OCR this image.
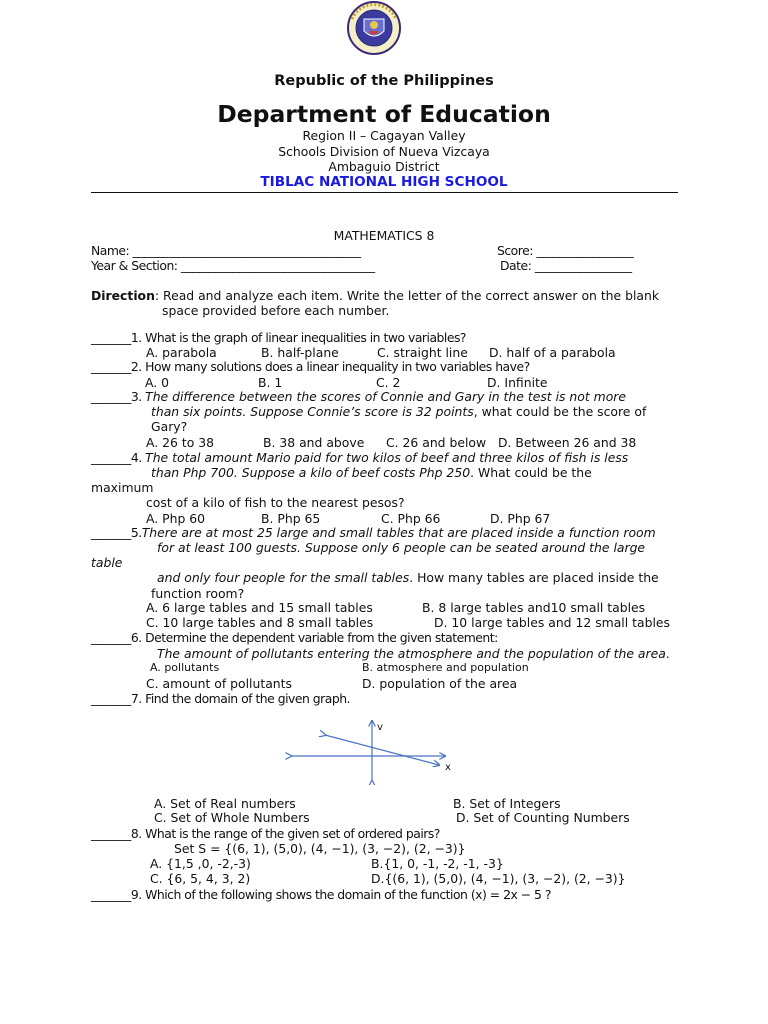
Republic of the Philippines
Department of Education
Region II – Cagayan Valley
Schools Division of Nueva Vizcaya
Ambaguio District
TIBLAC NATIONAL HIGH SCHOOL
MATHEMATICS 8
Name: ________________________________________	Score: _________________
Year & Section: __________________________________	Date: _________________
Direction: Read and analyze each item. Write the letter of the correct answer on the blank
space provided before each number.
_______1. What is the graph of linear inequalities in two variables?
A. parabola	B. half-plane	C. straight line D. half of a parabola
_______2. How many solutions does a linear inequality in two variables have?
A. 0	B. 1	C. 2	D. Infinite
_______3. The difference between the scores of Connie and Gary in the test is not more
than six points. Suppose Connie’s score is 32 points, what could be the score of
Gary?
A. 26 to 38	B. 38 and above C. 26 and below D. Between 26 and 38
_______4. The total amount Mario paid for two kilos of beef and three kilos of fish is less
than Php 700. Suppose a kilo of beef costs Php 250. What could be the
maximum
cost of a kilo of fish to the nearest pesos?
A. Php 60	B. Php 65	C. Php 66	D. Php 67
_______5.There are at most 25 large and small tables that are placed inside a function room
for at least 100 guests. Suppose only 6 people can be seated around the large
table
and only four people for the small tables. How many tables are placed inside the
function room?
A. 6 large tables and 15 small tables	B. 8 large tables and10 small tables
C. 10 large tables and 8 small tables	D. 10 large tables and 12 small tables
_______6. Determine the dependent variable from the given statement:
The amount of pollutants entering the atmosphere and the population of the area.
A. pollutants	B. atmosphere and population
C. amount of pollutants	D. population of the area
_______7. Find the domain of the given graph.
v
x
A. Set of Real numbers	B. Set of Integers
C. Set of Whole Numbers	D. Set of Counting Numbers
_______8. What is the range of the given set of ordered pairs?
Set S = {(6, 1), (5,0), (4, −1), (3, −2), (2, −3)}
A. {1,5 ,0, -2,-3)	B.{1, 0, -1, -2, -1, -3}
C. {6, 5, 4, 3, 2)	D.{(6, 1), (5,0), (4, −1), (3, −2), (2, −3)}
_______9. Which of the following shows the domain of the function (x) = 2x − 5 ?
